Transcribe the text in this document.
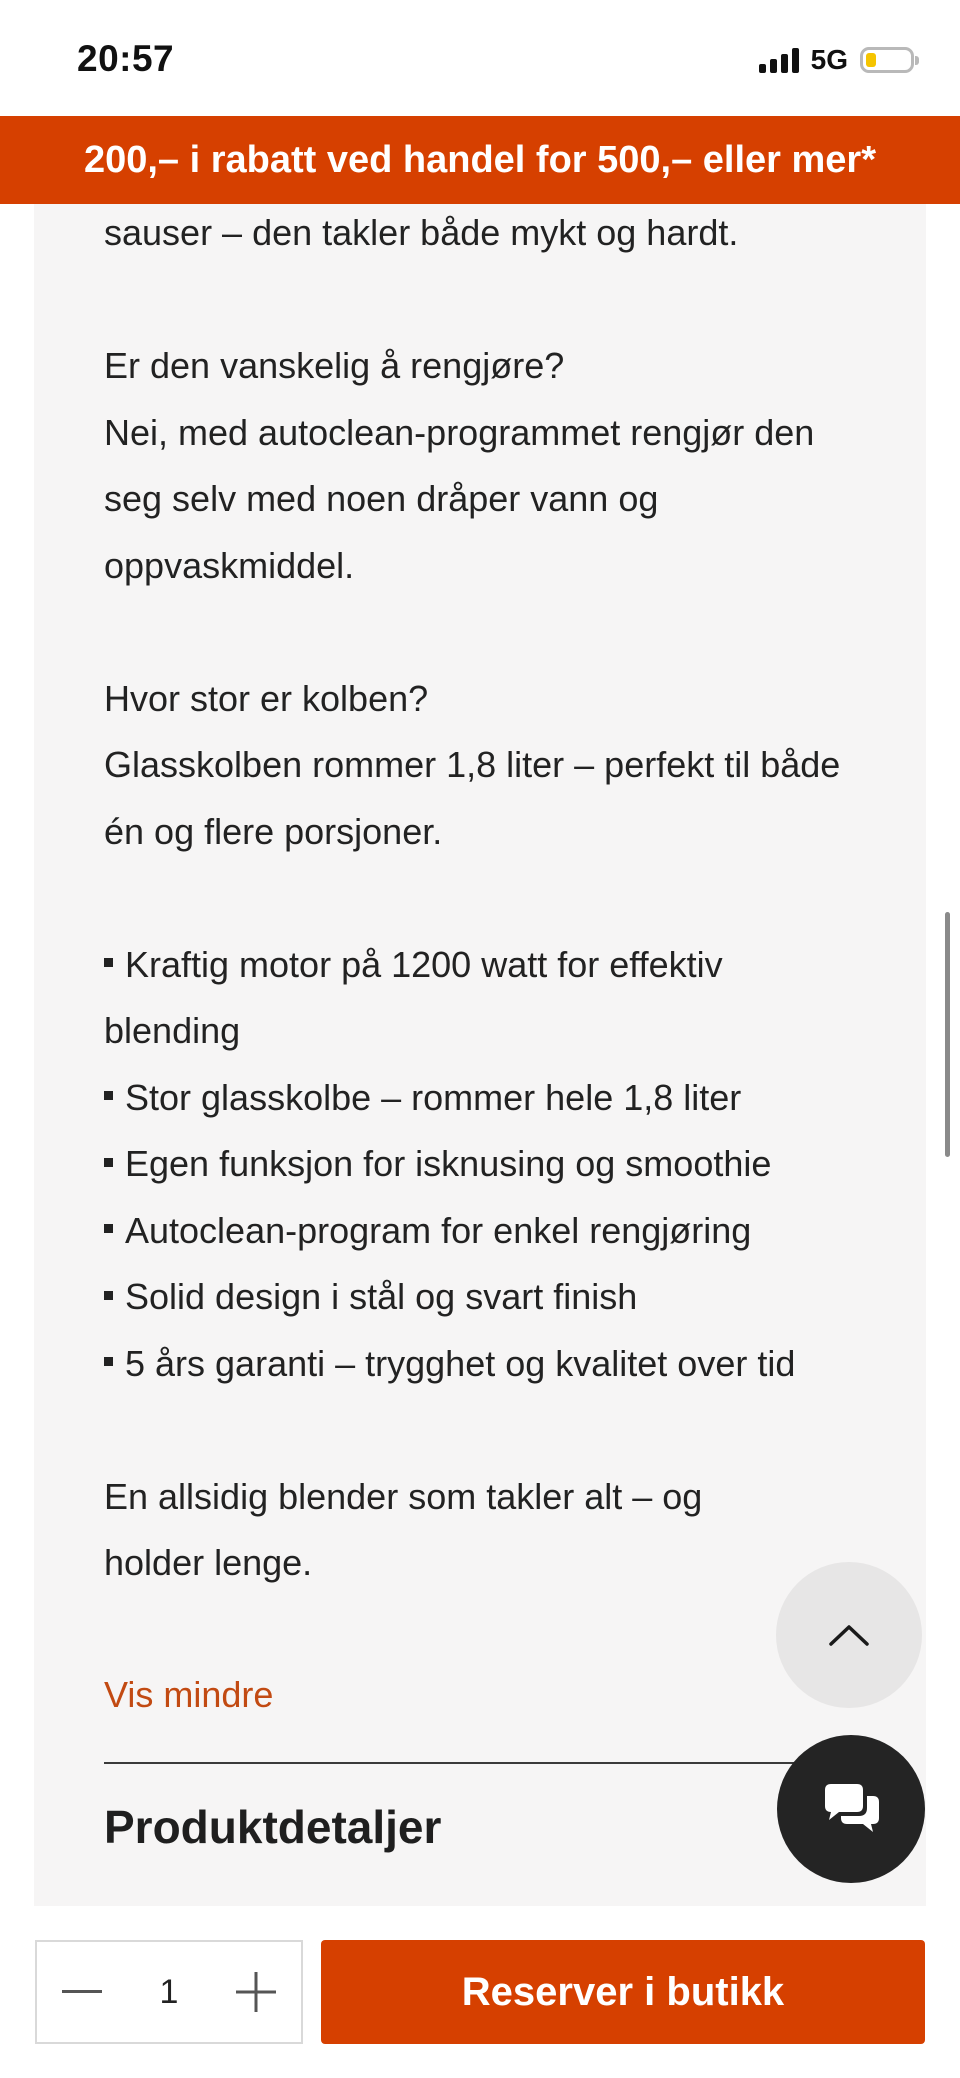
20:57	5G
200,– i rabatt ved handel for 500,– eller mer*

sauser – den takler både mykt og hardt.

Er den vanskelig å rengjøre?

Nei, med autoclean-programmet rengjør den seg selv med noen dråper vann og oppvaskmiddel.

Hvor stor er kolben?

Glasskolben rommer 1,8 liter – perfekt til både én og flere porsjoner.

Kraftig motor på 1200 watt for effektiv blending

Stor glasskolbe – rommer hele 1,8 liter

Egen funksjon for isknusing og smoothie

Autoclean-program for enkel rengjøring

Solid design i stål og svart finish

5 års garanti – trygghet og kvalitet over tid

En allsidig blender som takler alt – og holder lenge.

Vis mindre
Produktdetaljer
1	Reserver i butikk
